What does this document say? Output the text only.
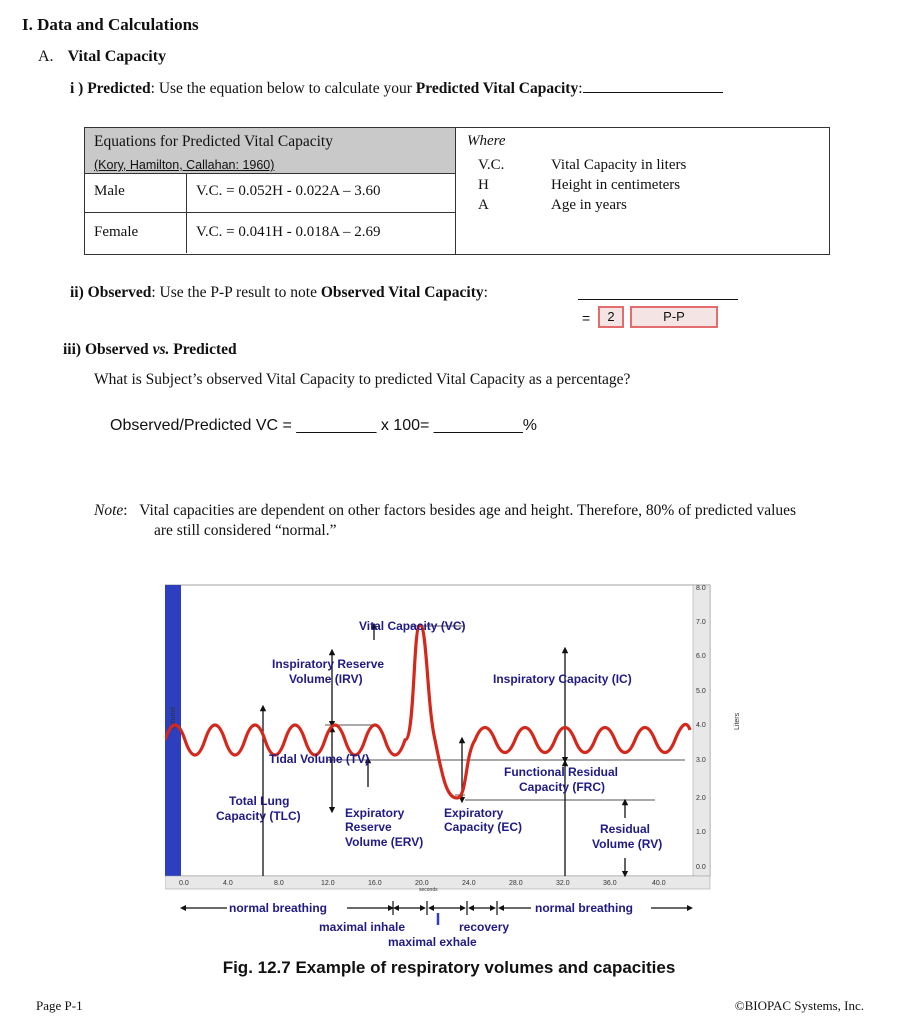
I. Data and Calculations
A. Vital Capacity
i ) Predicted: Use the equation below to calculate your Predicted Vital Capacity:
Equations for Predicted Vital Capacity
(Kory, Hamilton, Callahan: 1960)
Male	V.C. = 0.052H - 0.022A – 3.60
Female	V.C. = 0.041H - 0.018A – 2.69
Where
V.C.	Vital Capacity in liters
H	Height in centimeters
A	Age in years
ii) Observed: Use the P-P result to note Observed Vital Capacity:
=	2	P-P
iii) Observed vs. Predicted
What is Subject’s observed Vital Capacity to predicted Vital Capacity as a percentage?
Observed/Predicted VC = _________ x 100= __________%
Note:   Vital capacities are dependent on other factors besides age and height. Therefore, 80% of predicted values
are still considered “normal.”
Volume
8.0
7.0
6.0
5.0
4.0
3.0
2.0
1.0
0.0
Liters
0.0	4.0	8.0	12.0	16.0	20.0	24.0	28.0	32.0	36.0	40.0
seconds
Vital Capacity (VC)
Inspiratory Reserve
Volume (IRV)	Inspiratory Capacity (IC)
Tidal Volume (TV)
Functional Residual
Capacity (FRC)
Total Lung
Capacity (TLC)	Expiratory
Reserve
Volume (ERV)
Expiratory
Capacity (EC)	Residual
Volume (RV)
normal breathing	normal breathing
maximal inhale	recovery
maximal exhale
Fig. 12.7 Example of respiratory volumes and capacities
Page P-1	©BIOPAC Systems, Inc.
